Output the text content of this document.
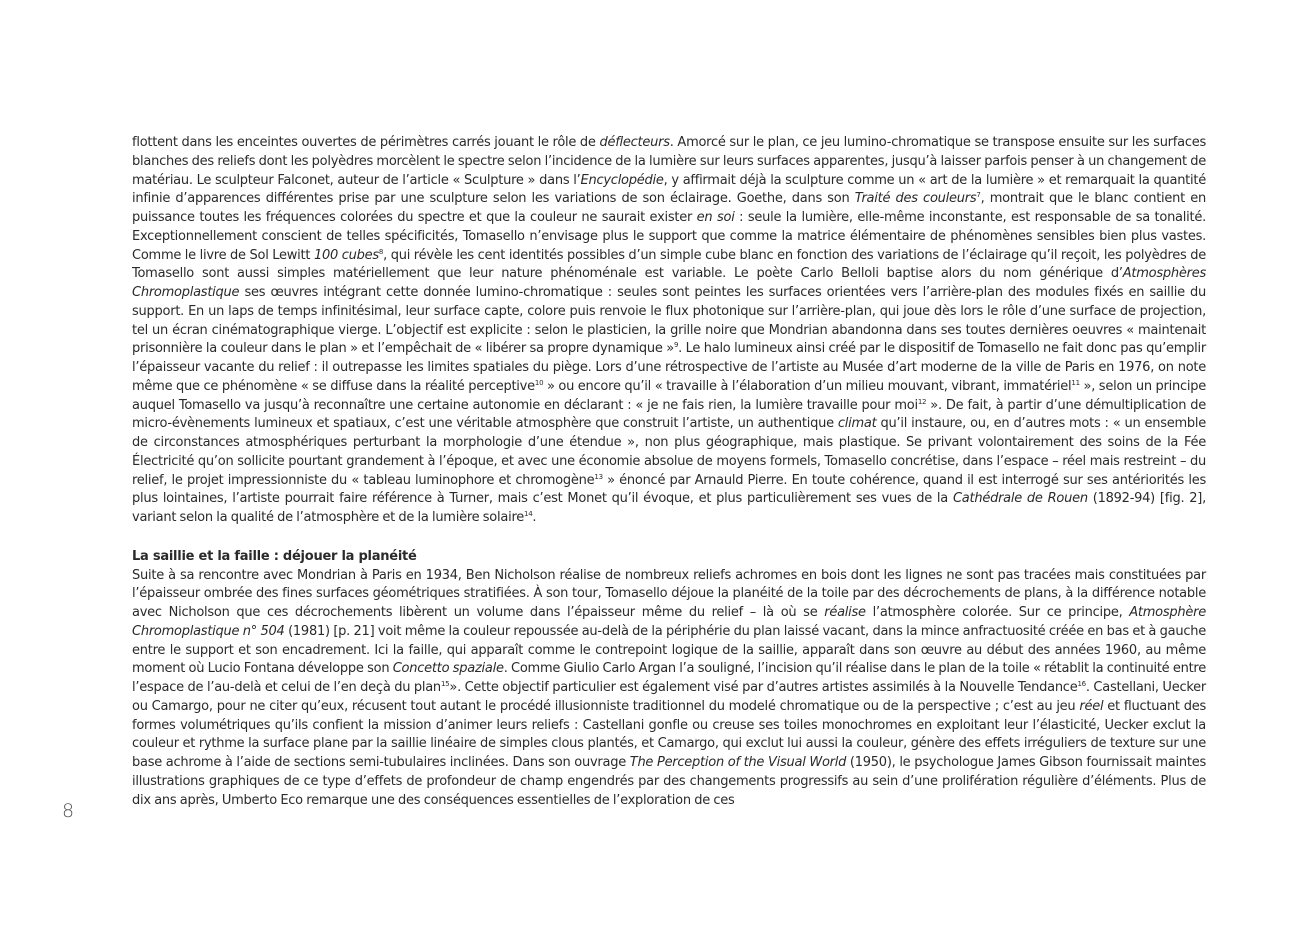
flottent dans les enceintes ouvertes de périmètres carrés jouant le rôle de déflecteurs. Amorcé sur le plan, ce jeu lumino-chromatique se transpose ensuite sur les surfaces blanches des reliefs dont les polyèdres morcèlent le spectre selon l’incidence de la lumière sur leurs surfaces apparentes, jusqu’à laisser parfois penser à un changement de matériau. Le sculpteur Falconet, auteur de l’article « Sculpture » dans l’Encyclopédie, y affirmait déjà la sculpture comme un « art de la lumière » et remarquait la quantité infinie d’apparences différentes prise par une sculpture selon les variations de son éclairage. Goethe, dans son Traité des couleurs$^7$, montrait que le blanc contient en puissance toutes les fréquences colorées du spectre et que la couleur ne saurait exister en soi : seule la lumière, elle-même inconstante, est responsable de sa tonalité. Exceptionnellement conscient de telles spécificités, Tomasello n’envisage plus le support que comme la matrice élémentaire de phénomènes sensibles bien plus vastes. Comme le livre de Sol Lewitt 100 cubes$^8$, qui révèle les cent identités possibles d’un simple cube blanc en fonction des variations de l’éclairage qu’il reçoit, les polyèdres de Tomasello sont aussi simples matériellement que leur nature phénoménale est variable. Le poète Carlo Belloli baptise alors du nom générique d’Atmosphères Chromoplastique ses œuvres intégrant cette donnée lumino-chromatique : seules sont peintes les surfaces orientées vers l’arrière-plan des modules fixés en saillie du support. En un laps de temps infinitésimal, leur surface capte, colore puis renvoie le flux photonique sur l’arrière-plan, qui joue dès lors le rôle d’une surface de projection, tel un écran cinématographique vierge. L’objectif est explicite : selon le plasticien, la grille noire que Mondrian abandonna dans ses toutes dernières oeuvres « maintenait prisonnière la couleur dans le plan » et l’empêchait de « libérer sa propre dynamique »$^9$. Le halo lumineux ainsi créé par le dispositif de Tomasello ne fait donc pas qu’emplir l’épaisseur vacante du relief : il outrepasse les limites spatiales du piège. Lors d’une rétrospective de l’artiste au Musée d’art moderne de la ville de Paris en 1976, on note même que ce phénomène « se diffuse dans la réalité perceptive$^{10}$ » ou encore qu’il « travaille à l’élaboration d’un milieu mouvant, vibrant, immatériel$^{11}$ », selon un principe auquel Tomasello va jusqu’à reconnaître une certaine autonomie en déclarant : « je ne fais rien, la lumière travaille pour moi$^{12}$ ». De fait, à partir d’une démultiplication de micro-évènements lumineux et spatiaux, c’est une véritable atmosphère que construit l’artiste, un authentique climat qu’il instaure, ou, en d’autres mots : « un ensemble de circonstances atmosphériques perturbant la morphologie d’une étendue », non plus géographique, mais plastique. Se privant volontairement des soins de la Fée Électricité qu’on sollicite pourtant grandement à l’époque, et avec une économie absolue de moyens formels, Tomasello concrétise, dans l’espace – réel mais restreint – du relief, le projet impressionniste du « tableau luminophore et chromogène$^{13}$ » énoncé par Arnauld Pierre. En toute cohérence, quand il est interrogé sur ses antériorités les plus lointaines, l’artiste pourrait faire référence à Turner, mais c’est Monet qu’il évoque, et plus particulièrement ses vues de la Cathédrale de Rouen (1892-94) [fig. 2], variant selon la qualité de l’atmosphère et de la lumière solaire$^{14}$.

La saillie et la faille : déjouer la planéité

Suite à sa rencontre avec Mondrian à Paris en 1934, Ben Nicholson réalise de nombreux reliefs achromes en bois dont les lignes ne sont pas tracées mais constituées par l’épaisseur ombrée des fines surfaces géométriques stratifiées. À son tour, Tomasello déjoue la planéité de la toile par des décrochements de plans, à la différence notable avec Nicholson que ces décrochements libèrent un volume dans l’épaisseur même du relief – là où se réalise l’atmosphère colorée. Sur ce principe, Atmosphère Chromoplastique n° 504 (1981) [p. 21] voit même la couleur repoussée au-delà de la périphérie du plan laissé vacant, dans la mince anfractuosité créée en bas et à gauche entre le support et son encadrement. Ici la faille, qui apparaît comme le contrepoint logique de la saillie, apparaît dans son œuvre au début des années 1960, au même moment où Lucio Fontana développe son Concetto spaziale. Comme Giulio Carlo Argan l’a souligné, l’incision qu’il réalise dans le plan de la toile « rétablit la continuité entre l’espace de l’au-delà et celui de l’en deçà du plan$^{15}$». Cette objectif particulier est également visé par d’autres artistes assimilés à la Nouvelle Tendance$^{16}$. Castellani, Uecker ou Camargo, pour ne citer qu’eux, récusent tout autant le procédé illusionniste traditionnel du modelé chromatique ou de la perspective ; c’est au jeu réel et fluctuant des formes volumétriques qu’ils confient la mission d’animer leurs reliefs : Castellani gonfle ou creuse ses toiles monochromes en exploitant leur l’élasticité, Uecker exclut la couleur et rythme la surface plane par la saillie linéaire de simples clous plantés, et Camargo, qui exclut lui aussi la couleur, génère des effets irréguliers de texture sur une base achrome à l’aide de sections semi-tubulaires inclinées. Dans son ouvrage The Perception of the Visual World (1950), le psychologue James Gibson fournissait maintes illustrations graphiques de ce type d’effets de profondeur de champ engendrés par des changements progressifs au sein d’une prolifération régulière d’éléments. Plus de dix ans après, Umberto Eco remarque une des conséquences essentielles de l’exploration de ces

8
